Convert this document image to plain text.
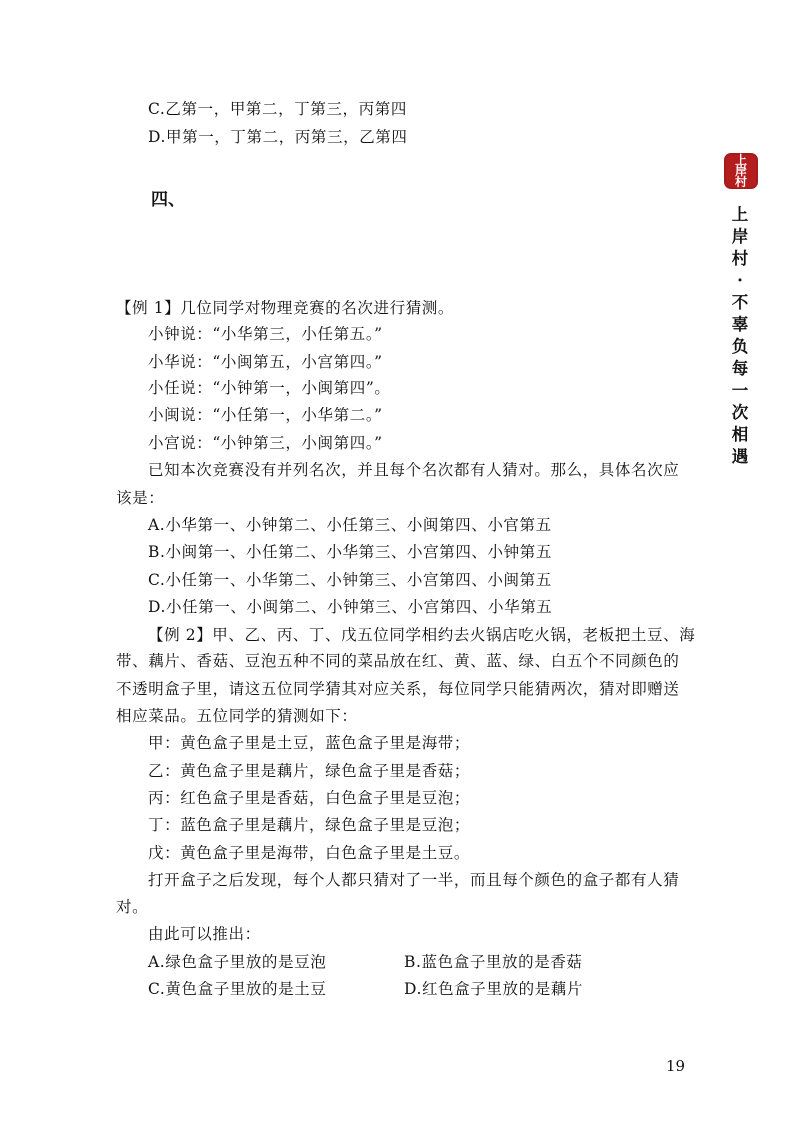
C.乙第一，甲第二，丁第三，丙第四
D.甲第一，丁第二，丙第三，乙第四
四、
【例 1】几位同学对物理竞赛的名次进行猜测。
小钟说：“小华第三，小任第五。”
小华说：“小闽第五，小宫第四。”
小任说：“小钟第一，小闽第四”。
小闽说：“小任第一，小华第二。”
小宫说：“小钟第三，小闽第四。”
已知本次竞赛没有并列名次，并且每个名次都有人猜对。那么，具体名次应
该是：
A.小华第一、小钟第二、小任第三、小闽第四、小官第五
B.小闽第一、小任第二、小华第三、小宫第四、小钟第五
C.小任第一、小华第二、小钟第三、小宫第四、小闽第五
D.小任第一、小闽第二、小钟第三、小宫第四、小华第五
【例 2】甲、乙、丙、丁、戊五位同学相约去火锅店吃火锅，老板把土豆、海
带、藕片、香菇、豆泡五种不同的菜品放在红、黄、蓝、绿、白五个不同颜色的
不透明盒子里，请这五位同学猜其对应关系，每位同学只能猜两次，猜对即赠送
相应菜品。五位同学的猜测如下：
甲：黄色盒子里是土豆，蓝色盒子里是海带；
乙：黄色盒子里是藕片，绿色盒子里是香菇；
丙：红色盒子里是香菇，白色盒子里是豆泡；
丁：蓝色盒子里是藕片，绿色盒子里是豆泡；
戊：黄色盒子里是海带，白色盒子里是土豆。
打开盒子之后发现，每个人都只猜对了一半，而且每个颜色的盒子都有人猜
对。
由此可以推出：
A.绿色盒子里放的是豆泡	B.蓝色盒子里放的是香菇
C.黄色盒子里放的是土豆	D.红色盒子里放的是藕片
上岸村
上岸村·不辜负每一次相遇
19
